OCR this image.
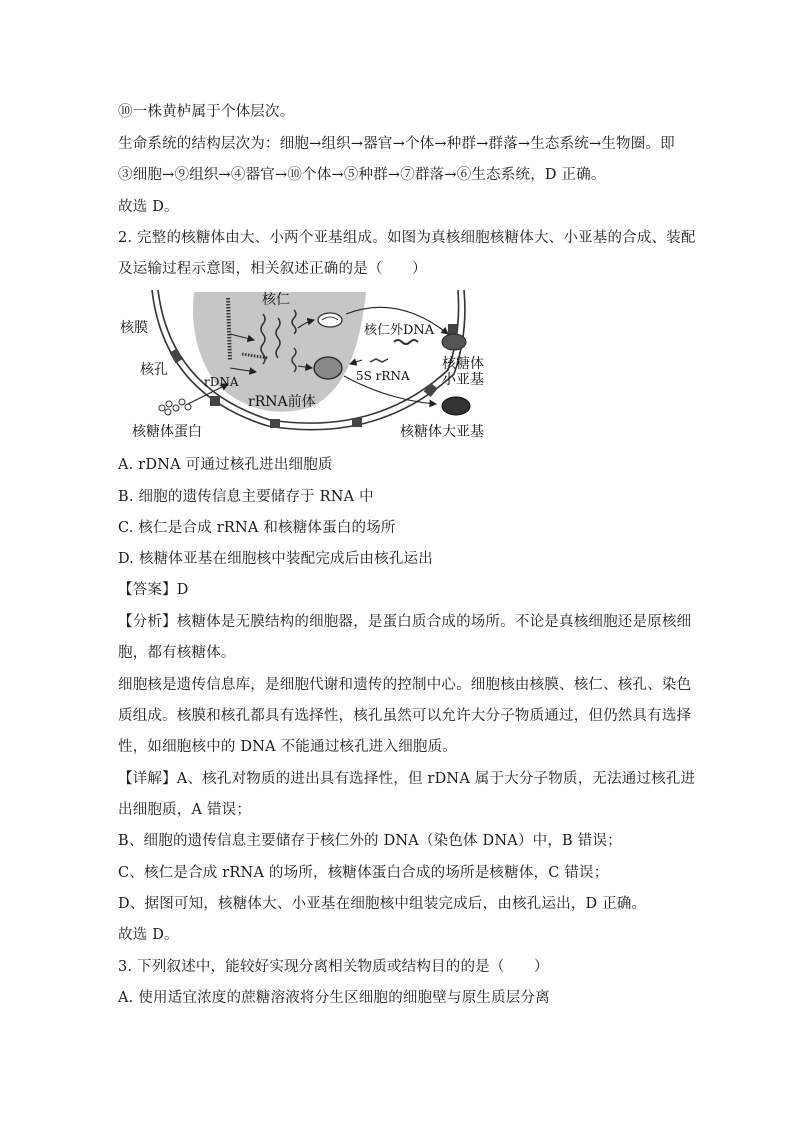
⑩一株黄栌属于个体层次。
生命系统的结构层次为：细胞→组织→器官→个体→种群→群落→生态系统→生物圈。即
③细胞→⑨组织→④器官→⑩个体→⑤种群→⑦群落→⑥生态系统，D 正确。
故选 D。
2. 完整的核糖体由大、小两个亚基组成。如图为真核细胞核糖体大、小亚基的合成、装配
及运输过程示意图，相关叙述正确的是（　　）
核仁
核膜
核孔
rDNA
rRNA前体
核仁外DNA
核糖体
小亚基
5S rRNA
核糖体蛋白	核糖体大亚基
A. rDNA 可通过核孔进出细胞质
B. 细胞的遗传信息主要储存于 RNA 中
C. 核仁是合成 rRNA 和核糖体蛋白的场所
D. 核糖体亚基在细胞核中装配完成后由核孔运出
【答案】D
【分析】核糖体是无膜结构的细胞器，是蛋白质合成的场所。不论是真核细胞还是原核细
胞，都有核糖体。
细胞核是遗传信息库，是细胞代谢和遗传的控制中心。细胞核由核膜、核仁、核孔、染色
质组成。核膜和核孔都具有选择性，核孔虽然可以允许大分子物质通过，但仍然具有选择
性，如细胞核中的 DNA 不能通过核孔进入细胞质。
【详解】A、核孔对物质的进出具有选择性，但 rDNA 属于大分子物质，无法通过核孔进
出细胞质，A 错误；
B、细胞的遗传信息主要储存于核仁外的 DNA（染色体 DNA）中，B 错误；
C、核仁是合成 rRNA 的场所，核糖体蛋白合成的场所是核糖体，C 错误；
D、据图可知，核糖体大、小亚基在细胞核中组装完成后，由核孔运出，D 正确。
故选 D。
3. 下列叙述中，能较好实现分离相关物质或结构目的的是（　　）
A. 使用适宜浓度的蔗糖溶液将分生区细胞的细胞壁与原生质层分离
